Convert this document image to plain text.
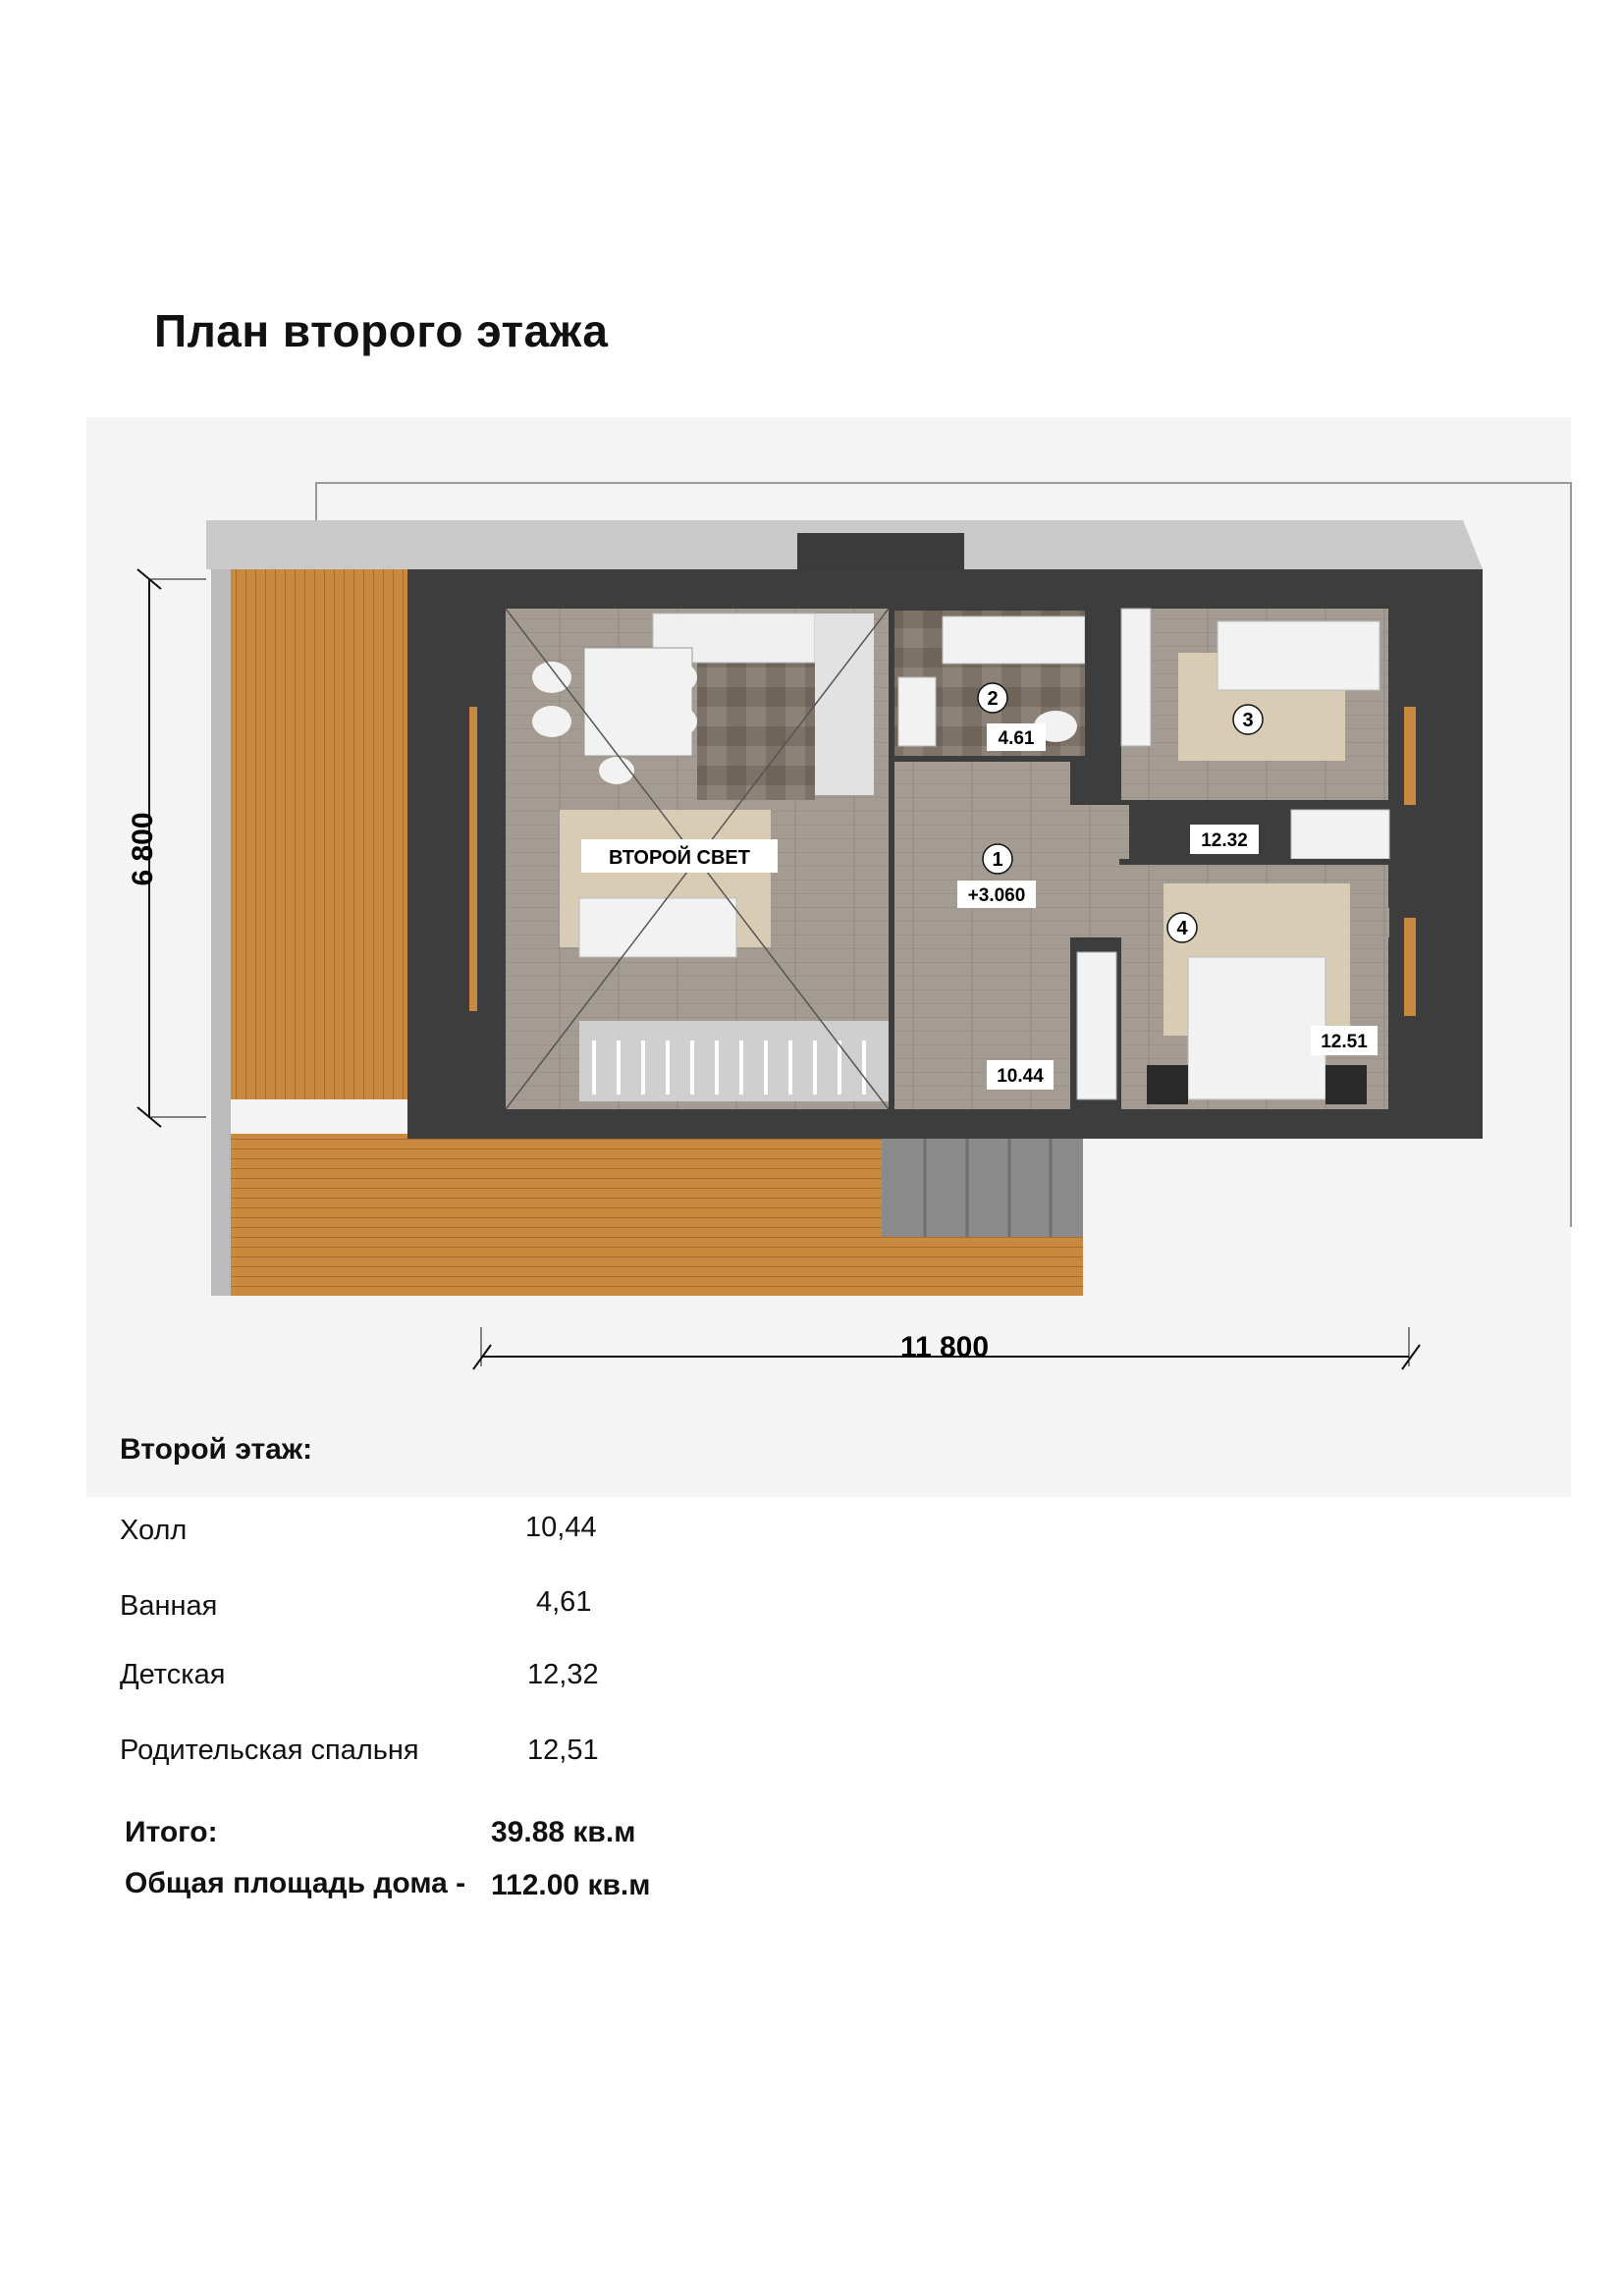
План второго этажа
11 800
6 800	ВТОРОЙ СВЕТ	1
+3.060
10.44
2
4.61
3
12.32
4
12.51
Второй этаж:
Холл	10,44
Ванная	4,61
Детская	12,32
Родительская спальня	12,51
Итого:	39.88 кв.м
Общая площадь дома - 112.00 кв.м
